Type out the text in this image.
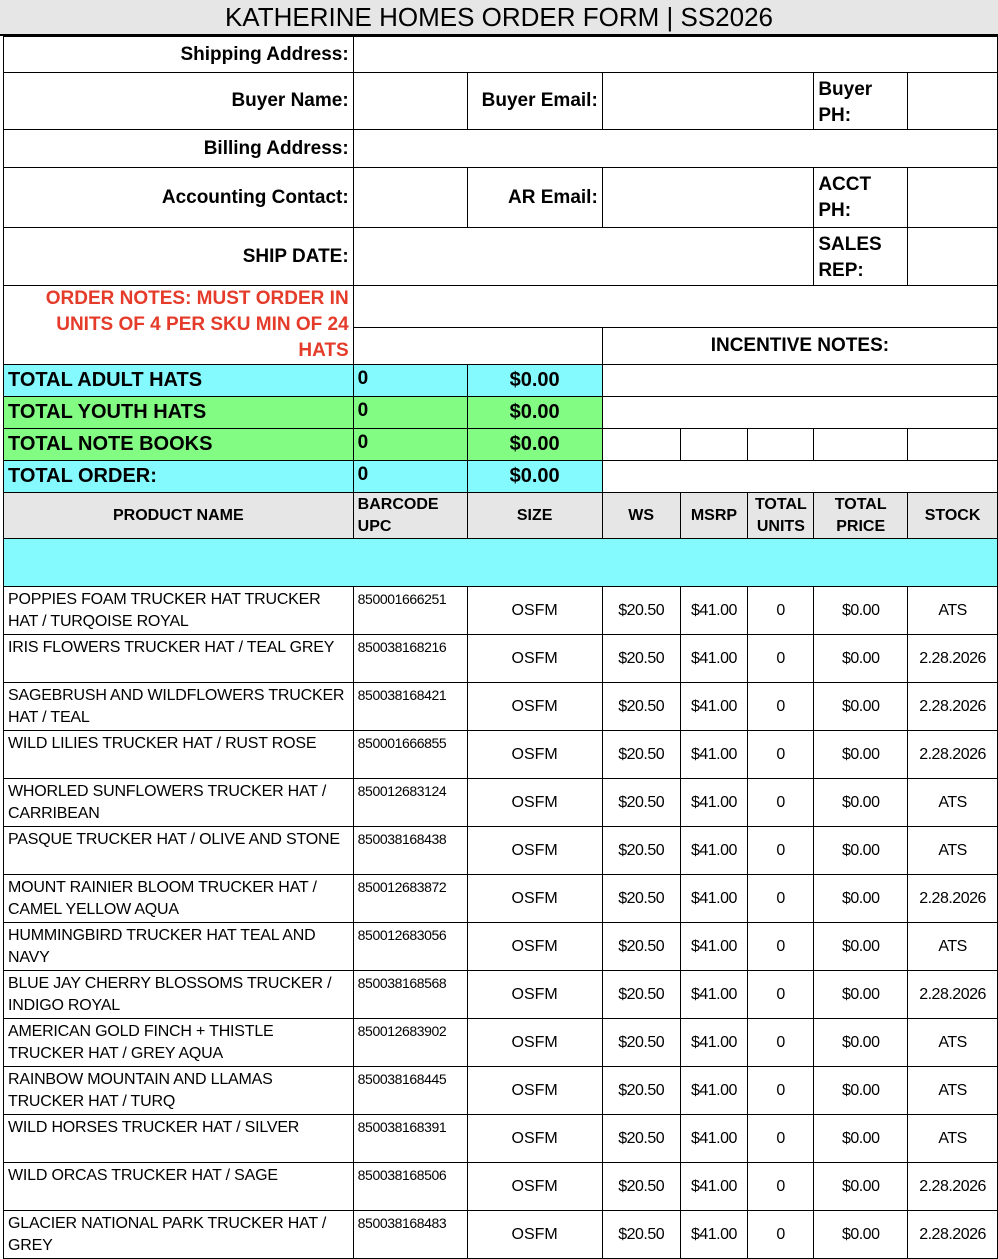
KATHERINE HOMES ORDER FORM | SS2026
Shipping Address:							
Buyer Name:		Buyer Email:				Buyer PH:	
Billing Address:							
Accounting Contact:		AR Email:				ACCT PH:	
SHIP DATE:						SALES REP:	
ORDER NOTES: MUST ORDER IN UNITS OF 4 PER SKU MIN OF 24 HATS							
			INCENTIVE NOTES:				
TOTAL ADULT HATS	0	$0.00					
TOTAL YOUTH HATS	0	$0.00					
TOTAL NOTE BOOKS	0	$0.00					
TOTAL ORDER:	0	$0.00					
PRODUCT NAME	BARCODE UPC	SIZE	WS	MSRP	TOTAL UNITS	TOTAL PRICE	STOCK

POPPIES FOAM TRUCKER HAT TRUCKER HAT / TURQOISE ROYAL	850001666251	OSFM	$20.50	$41.00	0	$0.00	ATS
IRIS FLOWERS TRUCKER HAT / TEAL GREY	850038168216	OSFM	$20.50	$41.00	0	$0.00	2.28.2026
SAGEBRUSH AND WILDFLOWERS TRUCKER HAT / TEAL	850038168421	OSFM	$20.50	$41.00	0	$0.00	2.28.2026
WILD LILIES TRUCKER HAT / RUST ROSE	850001666855	OSFM	$20.50	$41.00	0	$0.00	2.28.2026
WHORLED SUNFLOWERS TRUCKER HAT / CARRIBEAN	850012683124	OSFM	$20.50	$41.00	0	$0.00	ATS
PASQUE TRUCKER HAT / OLIVE AND STONE	850038168438	OSFM	$20.50	$41.00	0	$0.00	ATS
MOUNT RAINIER BLOOM TRUCKER HAT / CAMEL YELLOW AQUA	850012683872	OSFM	$20.50	$41.00	0	$0.00	2.28.2026
HUMMINGBIRD TRUCKER HAT TEAL AND NAVY	850012683056	OSFM	$20.50	$41.00	0	$0.00	ATS
BLUE JAY CHERRY BLOSSOMS TRUCKER / INDIGO ROYAL	850038168568	OSFM	$20.50	$41.00	0	$0.00	2.28.2026
AMERICAN GOLD FINCH + THISTLE TRUCKER HAT / GREY AQUA	850012683902	OSFM	$20.50	$41.00	0	$0.00	ATS
RAINBOW MOUNTAIN AND LLAMAS TRUCKER HAT / TURQ	850038168445	OSFM	$20.50	$41.00	0	$0.00	ATS
WILD HORSES TRUCKER HAT / SILVER	850038168391	OSFM	$20.50	$41.00	0	$0.00	ATS
WILD ORCAS TRUCKER HAT / SAGE	850038168506	OSFM	$20.50	$41.00	0	$0.00	2.28.2026
GLACIER NATIONAL PARK TRUCKER HAT / GREY	850038168483	OSFM	$20.50	$41.00	0	$0.00	2.28.2026
